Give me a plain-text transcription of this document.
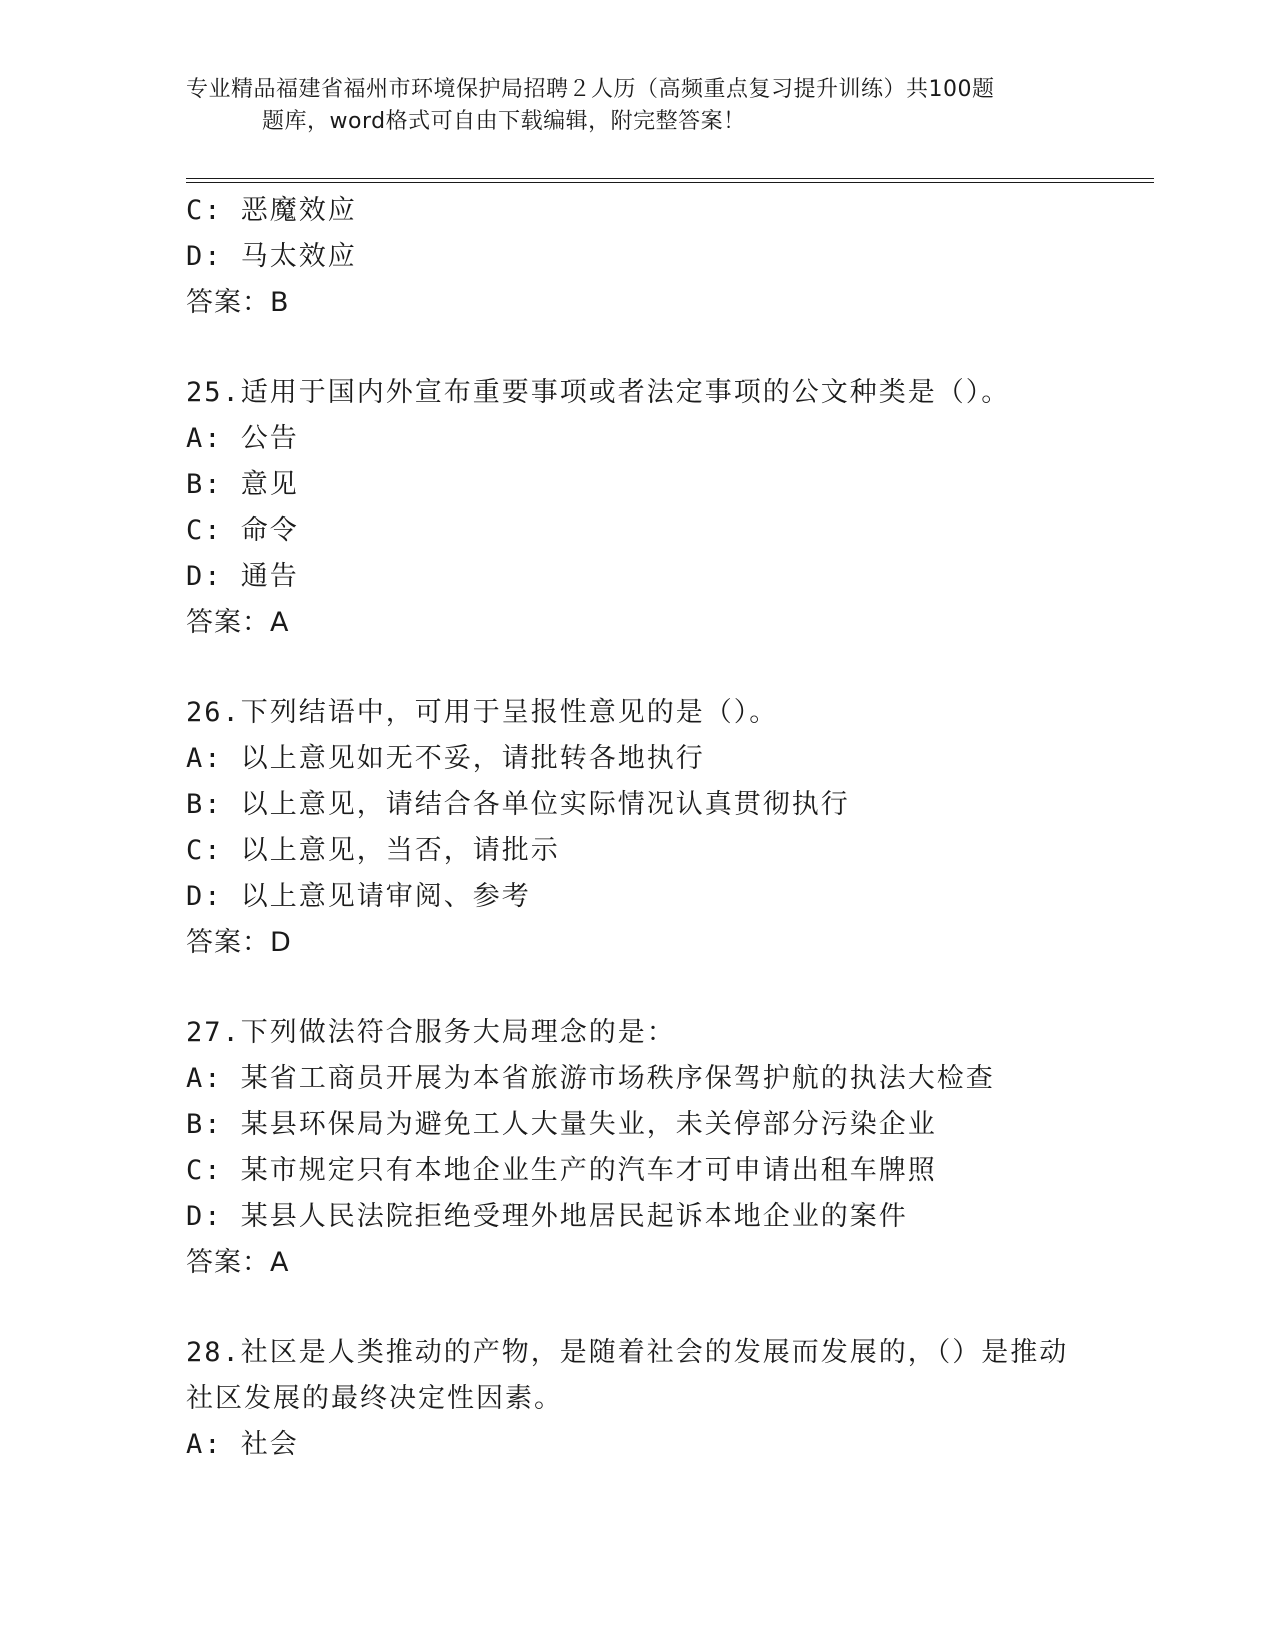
专业精品福建省福州市环境保护局招聘２人历（高频重点复习提升训练）共100题
题库，word格式可自由下载编辑，附完整答案！
C: 恶魔效应
D: 马太效应
答案：B
25.适用于国内外宣布重要事项或者法定事项的公文种类是（）。
A: 公告
B: 意见
C: 命令
D: 通告
答案：A
26.下列结语中，可用于呈报性意见的是（）。
A: 以上意见如无不妥，请批转各地执行
B: 以上意见，请结合各单位实际情况认真贯彻执行
C: 以上意见，当否，请批示
D: 以上意见请审阅、参考
答案：D
27.下列做法符合服务大局理念的是：
A: 某省工商员开展为本省旅游市场秩序保驾护航的执法大检查
B: 某县环保局为避免工人大量失业，未关停部分污染企业
C: 某市规定只有本地企业生产的汽车才可申请出租车牌照
D: 某县人民法院拒绝受理外地居民起诉本地企业的案件
答案：A
28.社区是人类推动的产物，是随着社会的发展而发展的，（）是推动
社区发展的最终决定性因素。
A: 社会
